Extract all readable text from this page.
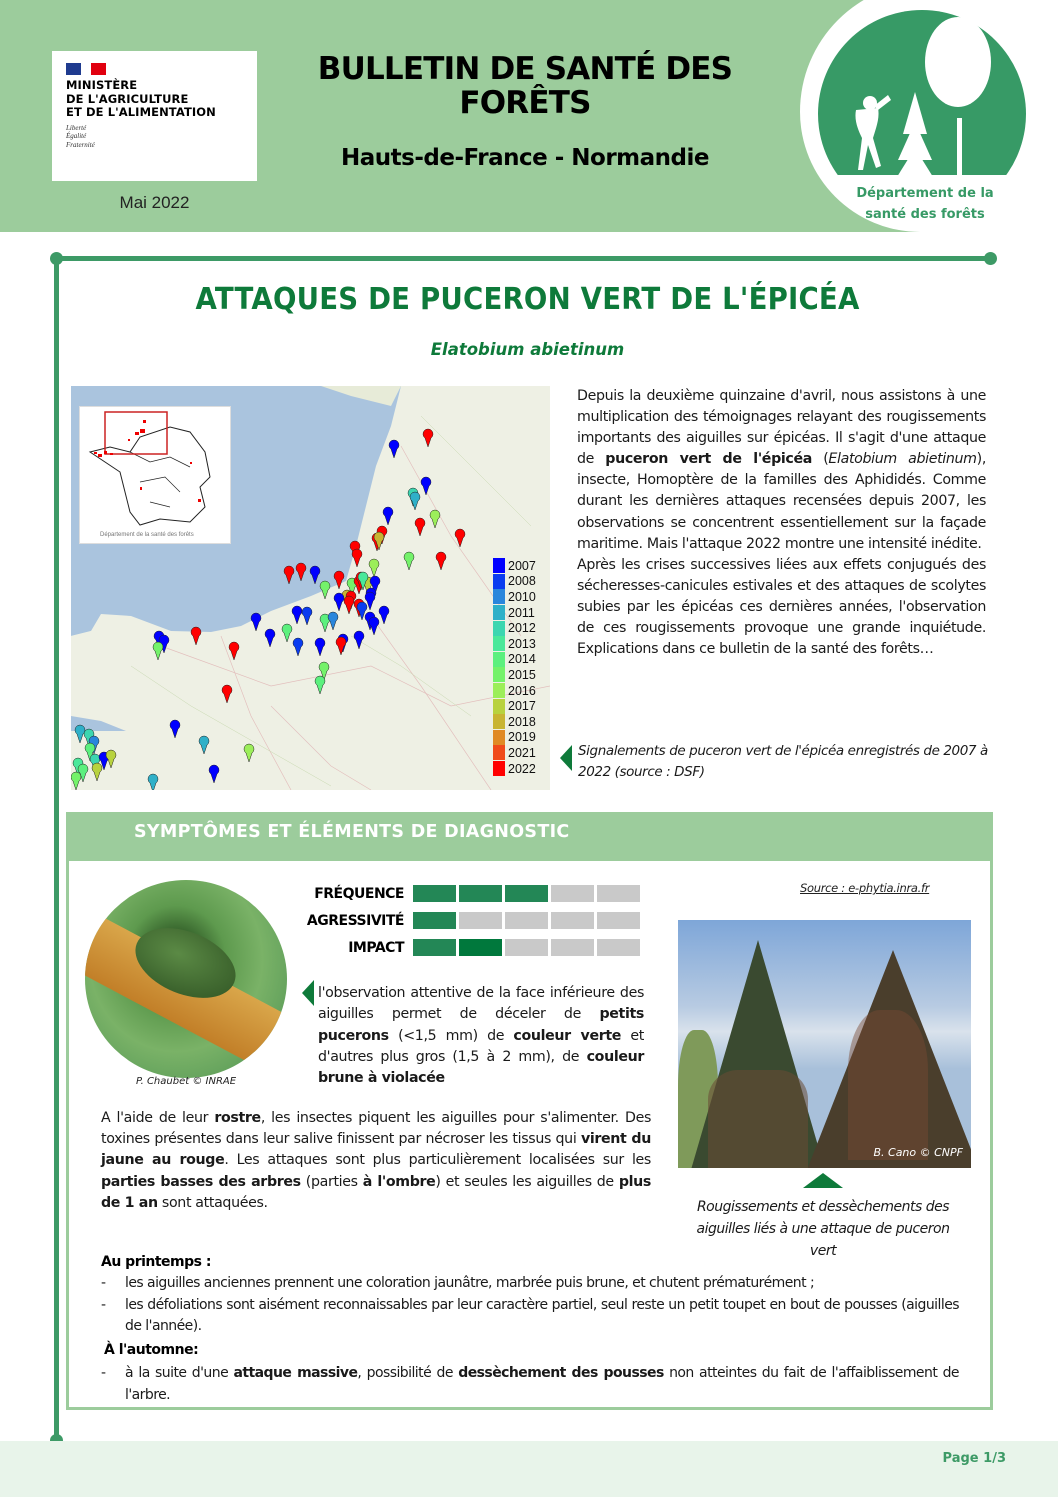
MINISTÈRE
DE L'AGRICULTURE
ET DE L'ALIMENTATION
Liberté
Égalité
Fraternité
Mai 2022
BULLETIN DE SANTÉ DES
FORÊTS
Hauts-de-France - Normandie
Département de la
santé des forêts
ATTAQUES DE PUCERON VERT DE L'ÉPICÉA
Elatobium abietinum
Département de la santé des forêts
2007
2008
2010
2011
2012
2013
2014
2015
2016
2017
2018
2019
2021
2022

Depuis la deuxième quinzaine d'avril, nous assistons à une multiplication des témoignages relayant des rougissements importants des aiguilles sur épicéas. Il s'agit d'une attaque de puceron vert de l'épicéa (Elatobium abietinum), insecte, Homoptère de la familles des Aphididés. Comme durant les dernières attaques recensées depuis 2007, les observations se concentrent essentiellement sur la façade maritime. Mais l'attaque 2022 montre une intensité inédite.

Après les crises successives liées aux effets conjugués des sécheresses-canicules estivales et des attaques de scolytes subies par les épicéas ces dernières années, l'observation de ces rougissements provoque une grande inquiétude. Explications dans ce bulletin de la santé des forêts…

Signalements de puceron vert de l'épicéa enregistrés de 2007 à 2022 (source : DSF)
SYMPTÔMES ET ÉLÉMENTS DE DIAGNOSTIC
P. Chaubet © INRAE
FRÉQUENCE
AGRESSIVITÉ
IMPACT
l'observation attentive de la face inférieure des aiguilles permet de déceler de petits pucerons (<1,5 mm) de couleur verte et d'autres plus gros (1,5 à 2 mm), de couleur brune à violacée
Source : e-phytia.inra.fr
B. Cano © CNPF
Rougissements et dessèchements des aiguilles liés à une attaque de puceron vert
A l'aide de leur rostre, les insectes piquent les aiguilles pour s'alimenter. Des toxines présentes dans leur salive finissent par nécroser les tissus qui virent du jaune au rouge. Les attaques sont plus particulièrement localisées sur les parties basses des arbres (parties à l'ombre) et seules les aiguilles de plus de 1 an sont attaquées.
Au printemps :
-	les aiguilles anciennes prennent une coloration jaunâtre, marbrée puis brune, et chutent prématurément ;
-	les défoliations sont aisément reconnaissables par leur caractère partiel, seul reste un petit toupet en bout de pousses (aiguilles de l'année).
À l'automne:
-	à la suite d'une attaque massive, possibilité de dessèchement des pousses non atteintes du fait de l'affaiblissement de l'arbre.
Page 1/3
